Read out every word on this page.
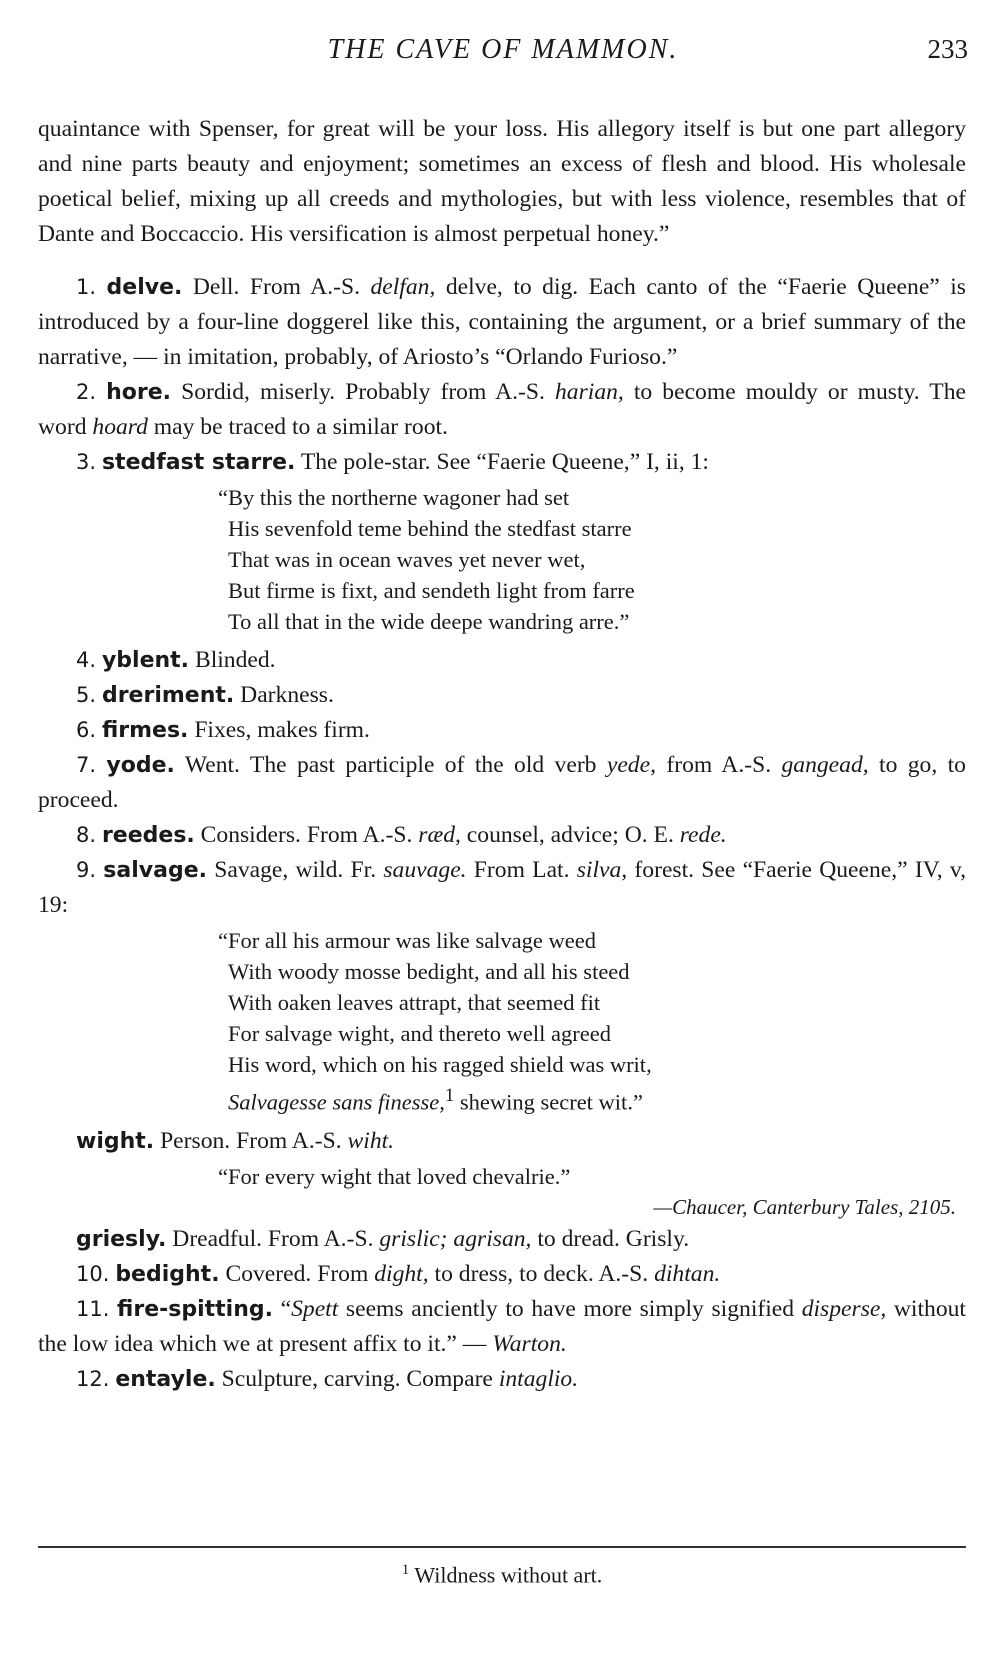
THE CAVE OF MAMMON.	233

quaintance with Spenser, for great will be your loss. His allegory itself is but one part allegory and nine parts beauty and enjoyment; sometimes an excess of flesh and blood. His wholesale poetical belief, mixing up all creeds and mythologies, but with less violence, resembles that of Dante and Boccaccio. His versification is almost perpetual honey.”

1. delve. Dell. From A.-S. delfan, delve, to dig. Each canto of the “Faerie Queene” is introduced by a four-line doggerel like this, containing the argument, or a brief summary of the narrative, — in imitation, probably, of Ariosto’s “Orlando Furioso.”

2. hore. Sordid, miserly. Probably from A.-S. harian, to become mouldy or musty. The word hoard may be traced to a similar root.

3. stedfast starre. The pole-star. See “Faerie Queene,” I, ii, 1:

“By this the northerne wagoner had set
His sevenfold teme behind the stedfast starre
That was in ocean waves yet never wet,
But firme is fixt, and sendeth light from farre
To all that in the wide deepe wandring arre.”

4. yblent. Blinded.

5. dreriment. Darkness.

6. firmes. Fixes, makes firm.

7. yode. Went. The past participle of the old verb yede, from A.-S. gangead, to go, to proceed.

8. reedes. Considers. From A.-S. ræd, counsel, advice; O. E. rede.

9. salvage. Savage, wild. Fr. sauvage. From Lat. silva, forest. See “Faerie Queene,” IV, v, 19:

“For all his armour was like salvage weed
With woody mosse bedight, and all his steed
With oaken leaves attrapt, that seemed fit
For salvage wight, and thereto well agreed
His word, which on his ragged shield was writ,
Salvagesse sans finesse,$^1$ shewing secret wit.”

wight. Person. From A.-S. wiht.

“For every wight that loved chevalrie.”
—Chaucer, Canterbury Tales, 2105.

griesly. Dreadful. From A.-S. grislic; agrisan, to dread. Grisly.

10. bedight. Covered. From dight, to dress, to deck. A.-S. dihtan.

11. fire-spitting. “Spett seems anciently to have more simply signified disperse, without the low idea which we at present affix to it.” — Warton.

12. entayle. Sculpture, carving. Compare intaglio.

$^1$ Wildness without art.
